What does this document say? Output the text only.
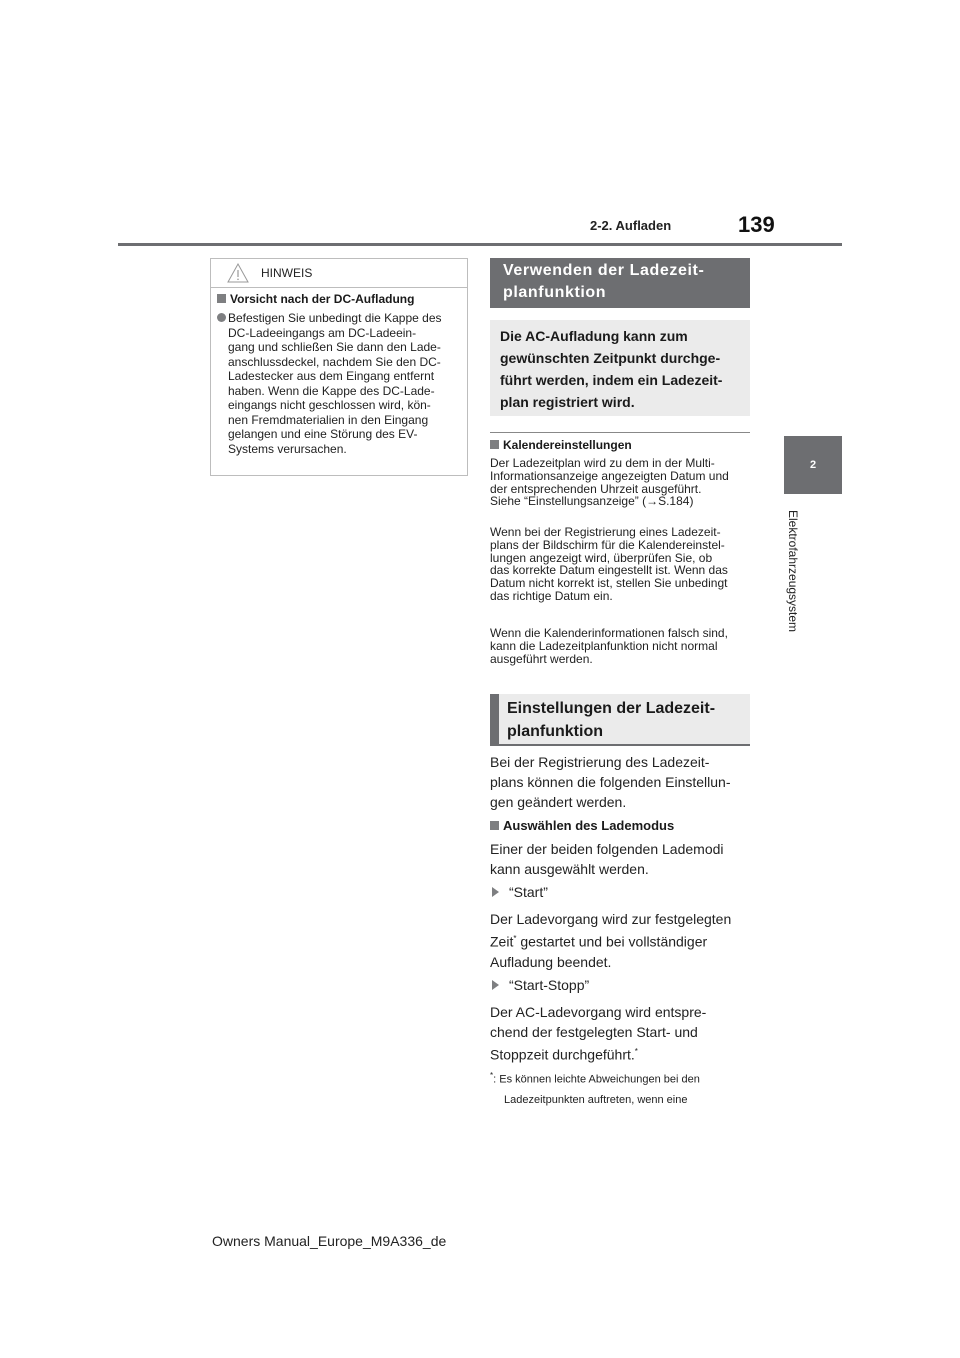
2-2. Aufladen	139
2
Elektrofahrzeugsystem
HINWEIS
Vorsicht nach der DC-Aufladung
Befestigen Sie unbedingt die Kappe des
DC-Ladeeingangs am DC-Ladeein-
gang und schließen Sie dann den Lade-
anschlussdeckel, nachdem Sie den DC-
Ladestecker aus dem Eingang entfernt
haben. Wenn die Kappe des DC-Lade-
eingangs nicht geschlossen wird, kön-
nen Fremdmaterialien in den Eingang
gelangen und eine Störung des EV-
Systems verursachen.
Verwenden der Ladezeit-
planfunktion
Die AC-Aufladung kann zum
gewünschten Zeitpunkt durchge-
führt werden, indem ein Ladezeit-
plan registriert wird.
Kalendereinstellungen
Der Ladezeitplan wird zu dem in der Multi-
Informationsanzeige angezeigten Datum und
der entsprechenden Uhrzeit ausgeführt.
Siehe “Einstellungsanzeige” (→S.184)
Wenn bei der Registrierung eines Ladezeit-
plans der Bildschirm für die Kalendereinstel-
lungen angezeigt wird, überprüfen Sie, ob
das korrekte Datum eingestellt ist. Wenn das
Datum nicht korrekt ist, stellen Sie unbedingt
das richtige Datum ein.
Wenn die Kalenderinformationen falsch sind,
kann die Ladezeitplanfunktion nicht normal
ausgeführt werden.
Einstellungen der Ladezeit-
planfunktion
Bei der Registrierung des Ladezeit-
plans können die folgenden Einstellun-
gen geändert werden.
Auswählen des Lademodus
Einer der beiden folgenden Lademodi
kann ausgewählt werden.
“Start”
Der Ladevorgang wird zur festgelegten
Zeit* gestartet und bei vollständiger
Aufladung beendet.
“Start-Stopp”
Der AC-Ladevorgang wird entspre-
chend der festgelegten Start- und
Stoppzeit durchgeführt.*
*: Es können leichte Abweichungen bei den
Ladezeitpunkten auftreten, wenn eine
Owners Manual_Europe_M9A336_de
